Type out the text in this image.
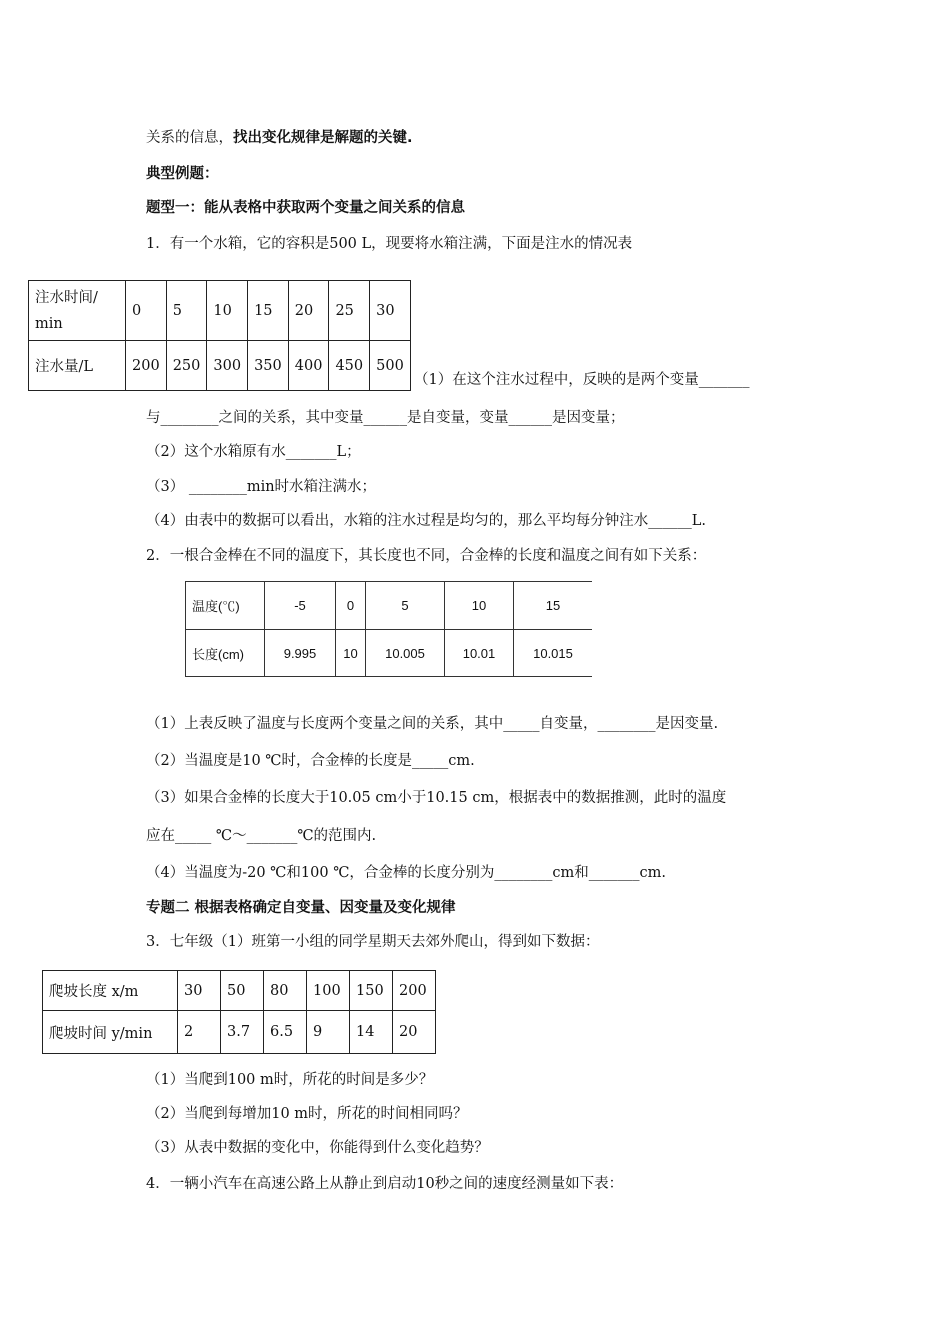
关系的信息，找出变化规律是解题的关键.
典型例题：
题型一：能从表格中获取两个变量之间关系的信息
1．有一个水箱，它的容积是500 L，现要将水箱注满，下面是注水的情况表
注水时间/
min	0	5	10	15	20	25	30
注水量/L	200	250	300	350	400	450	500
（1）在这个注水过程中，反映的是两个变量_______
与________之间的关系，其中变量______是自变量，变量______是因变量；
（2）这个水箱原有水_______L；
（3） ________min时水箱注满水；
（4）由表中的数据可以看出，水箱的注水过程是均匀的，那么平均每分钟注水______L.
2．一根合金棒在不同的温度下，其长度也不同，合金棒的长度和温度之间有如下关系：
温度(℃)	-5	0	5	10	15	
长度(cm)	9.995	10	10.005	10.01	10.015	
（1）上表反映了温度与长度两个变量之间的关系，其中_____自变量，________是因变量.
（2）当温度是10 ℃时，合金棒的长度是_____cm.
（3）如果合金棒的长度大于10.05 cm小于10.15 cm，根据表中的数据推测，此时的温度
应在_____ ℃～_______℃的范围内.
（4）当温度为-20 ℃和100 ℃，合金棒的长度分别为________cm和_______cm.
专题二 根据表格确定自变量、因变量及变化规律
3．七年级（1）班第一小组的同学星期天去郊外爬山，得到如下数据：
爬坡长度 x/m	30	50	80	100	150	200
爬坡时间 y/min	2	3.7	6.5	9	14	20
（1）当爬到100 m时，所花的时间是多少？
（2）当爬到每增加10 m时，所花的时间相同吗？
（3）从表中数据的变化中，你能得到什么变化趋势？
4．一辆小汽车在高速公路上从静止到启动10秒之间的速度经测量如下表：
